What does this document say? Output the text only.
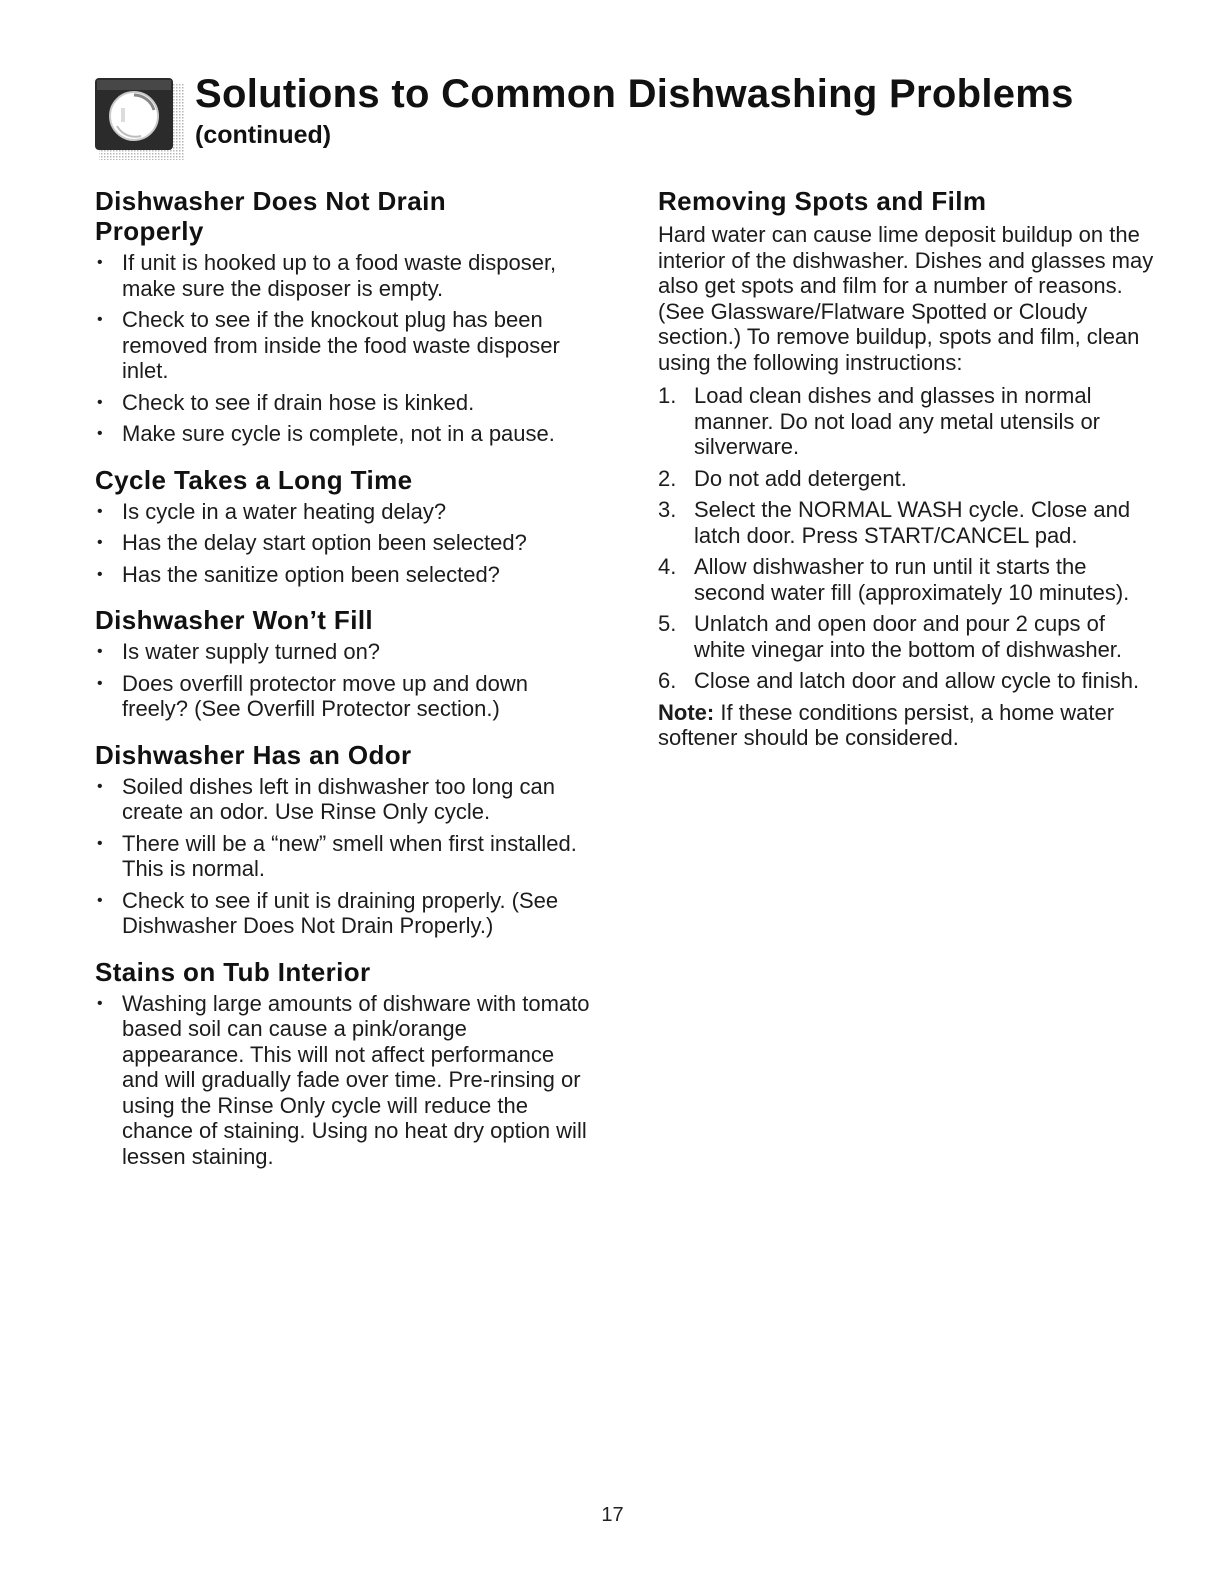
Solutions to Common Dishwashing Problems
(continued)
Dishwasher Does Not Drain Properly
• If unit is hooked up to a food waste disposer, make sure the disposer is empty.
• Check to see if the knockout plug has been removed from inside the food waste disposer inlet.
• Check to see if drain hose is kinked.
• Make sure cycle is complete, not in a pause.
Cycle Takes a Long Time
• Is cycle in a water heating delay?
• Has the delay start option been selected?
• Has the sanitize option been selected?
Dishwasher Won’t Fill
• Is water supply turned on?
• Does overfill protector move up and down freely? (See Overfill Protector section.)
Dishwasher Has an Odor
• Soiled dishes left in dishwasher too long can create an odor. Use Rinse Only cycle.
• There will be a “new” smell when first installed. This is normal.
• Check to see if unit is draining properly. (See Dishwasher Does Not Drain Properly.)
Stains on Tub Interior
• Washing large amounts of dishware with tomato based soil can cause a pink/orange appearance. This will not affect performance and will gradually fade over time. Pre-rinsing or using the Rinse Only cycle will reduce the chance of staining. Using no heat dry option will lessen staining.
Removing Spots and Film

Hard water can cause lime deposit buildup on the interior of the dishwasher. Dishes and glasses may also get spots and film for a number of reasons. (See Glassware/Flatware Spotted or Cloudy section.) To remove buildup, spots and film, clean using the following instructions:

1. Load clean dishes and glasses in normal manner. Do not load any metal utensils or silverware.
2. Do not add detergent.
3. Select the NORMAL WASH cycle. Close and latch door. Press START/CANCEL pad.
4. Allow dishwasher to run until it starts the second water fill (approximately 10 minutes).
5. Unlatch and open door and pour 2 cups of white vinegar into the bottom of dishwasher.
6. Close and latch door and allow cycle to finish.

Note: If these conditions persist, a home water softener should be considered.

17
